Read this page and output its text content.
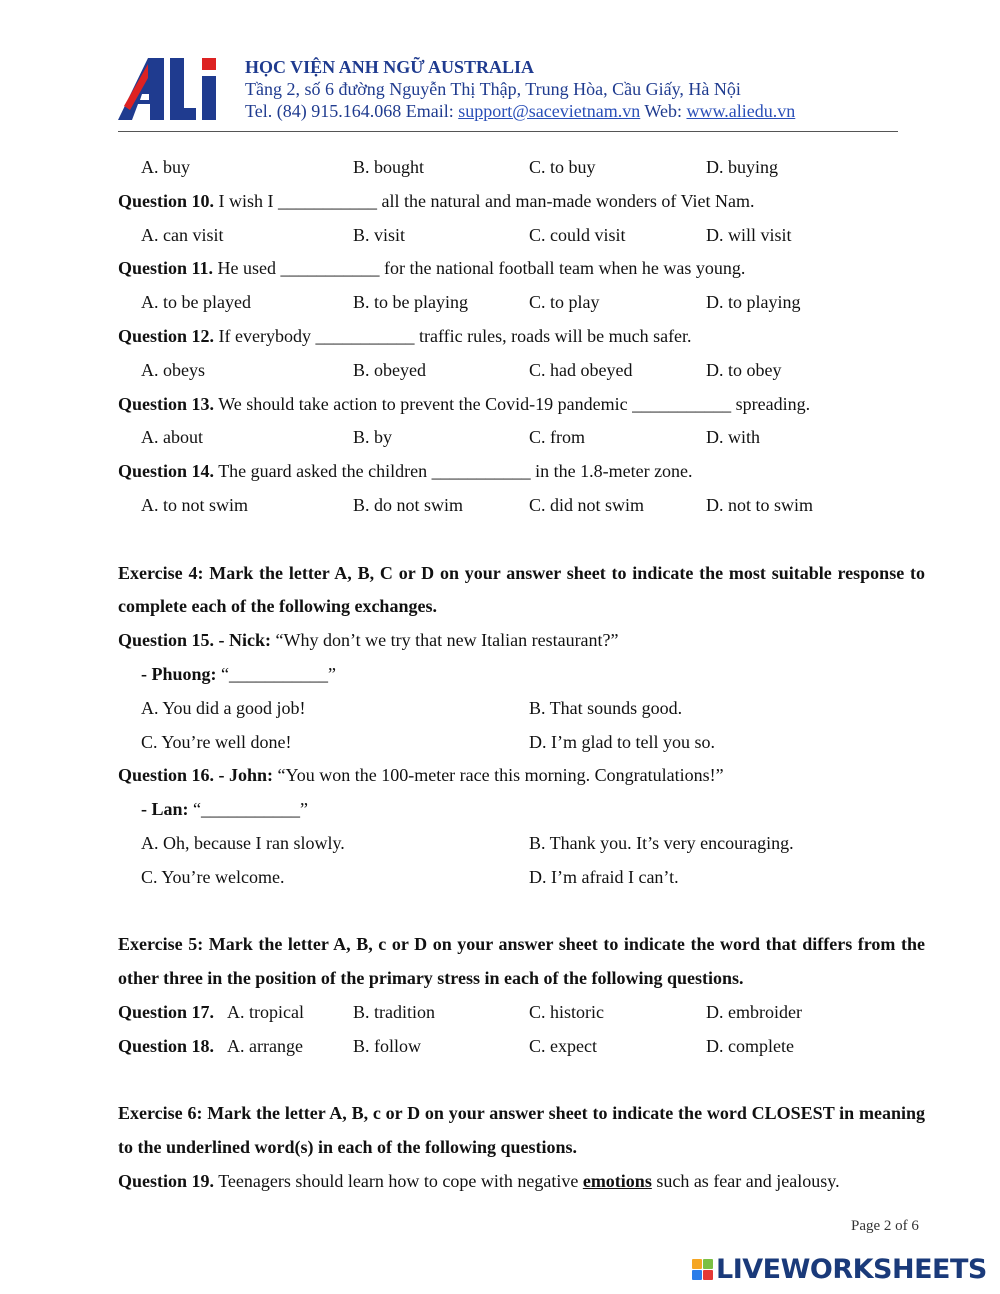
HỌC VIỆN ANH NGỮ AUSTRALIA
Tầng 2, số 6 đường Nguyễn Thị Thập, Trung Hòa, Cầu Giấy, Hà Nội
Tel. (84) 915.164.068 Email: support@sacevietnam.vn Web: www.aliedu.vn
A. buy	B. bought	C. to buy	D. buying
Question 10. I wish I ___________ all the natural and man-made wonders of Viet Nam.
A. can visit	B. visit	C. could visit	D. will visit
Question 11. He used ___________ for the national football team when he was young.
A. to be played	B. to be playing	C. to play	D. to playing
Question 12. If everybody ___________ traffic rules, roads will be much safer.
A. obeys	B. obeyed	C. had obeyed	D. to obey
Question 13. We should take action to prevent the Covid-19 pandemic ___________ spreading.
A. about	B. by	C. from	D. with
Question 14. The guard asked the children ___________ in the 1.8-meter zone.
A. to not swim	B. do not swim	C. did not swim	D. not to swim
Exercise 4: Mark the letter A, B, C or D on your answer sheet to indicate the most suitable response to complete each of the following exchanges.
Question 15. - Nick: “Why don’t we try that new Italian restaurant?”
- Phuong: “___________”
A. You did a good job!	B. That sounds good.
C. You’re well done!	D. I’m glad to tell you so.
Question 16. - John: “You won the 100-meter race this morning. Congratulations!”
- Lan: “___________”
A. Oh, because I ran slowly.	B. Thank you. It’s very encouraging.
C. You’re welcome.	D. I’m afraid I can’t.
Exercise 5: Mark the letter A, B, c or D on your answer sheet to indicate the word that differs from the other three in the position of the primary stress in each of the following questions.
Question 17. A. tropical	B. tradition	C. historic	D. embroider
Question 18. A. arrange	B. follow	C. expect	D. complete
Exercise 6: Mark the letter A, B, c or D on your answer sheet to indicate the word CLOSEST in meaning to the underlined word(s) in each of the following questions.
Question 19. Teenagers should learn how to cope with negative emotions such as fear and jealousy.
Page 2 of 6
LIVEWORKSHEETS
